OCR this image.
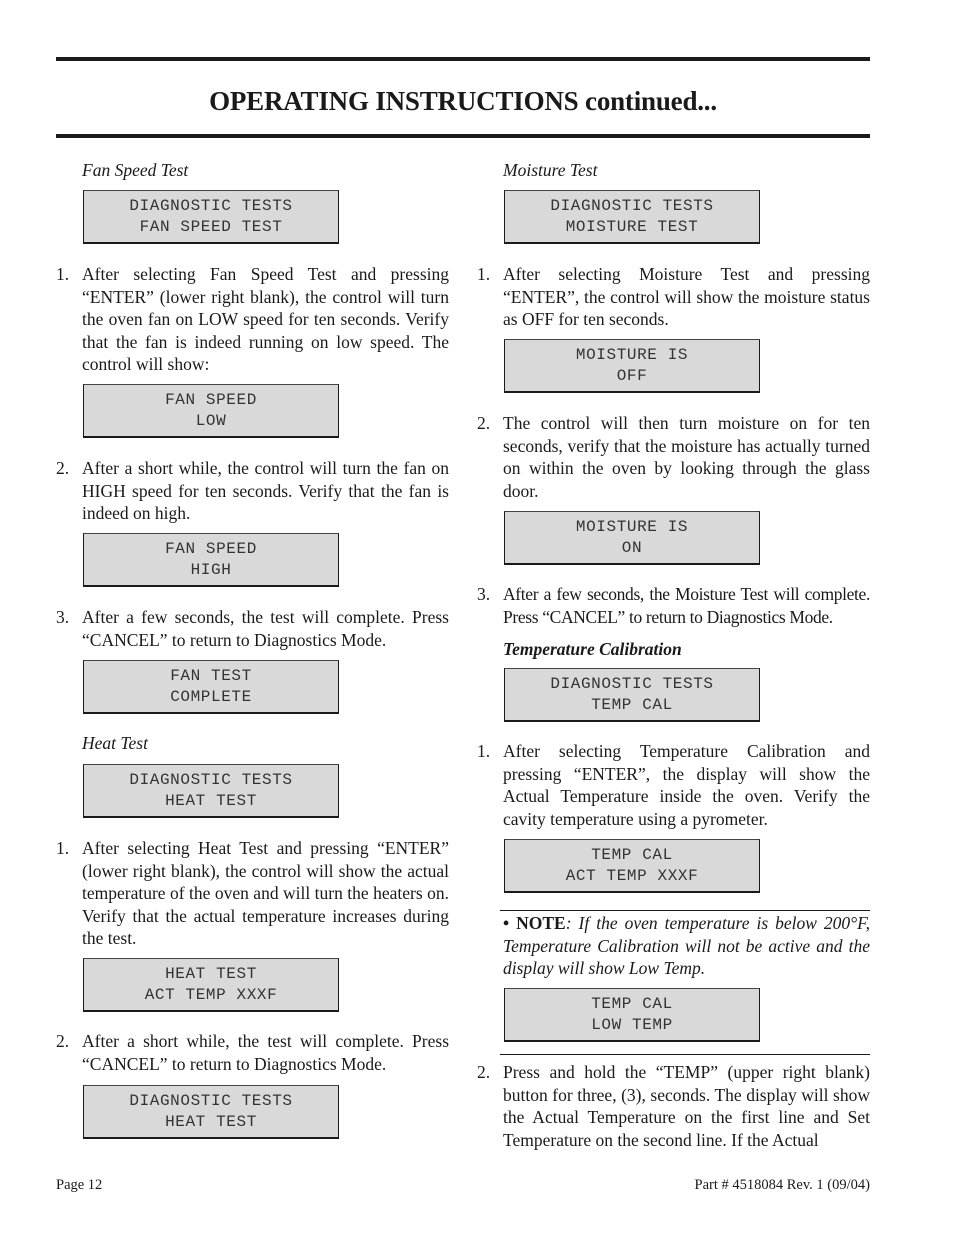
OPERATING INSTRUCTIONS continued...
Fan Speed Test
DIAGNOSTIC TESTS
FAN SPEED TEST
1. After selecting Fan Speed Test and pressing “ENTER” (lower right blank), the control will turn the oven fan on LOW speed for ten seconds. Verify that the fan is indeed running on low speed. The control will show:
FAN SPEED
LOW
2. After a short while, the control will turn the fan on HIGH speed for ten seconds. Verify that the fan is indeed on high.
FAN SPEED
HIGH
3. After a few seconds, the test will complete. Press “CANCEL” to return to Diagnostics Mode.
FAN TEST
COMPLETE
Heat Test
DIAGNOSTIC TESTS
HEAT TEST
1. After selecting Heat Test and pressing “ENTER” (lower right blank), the control will show the actual temperature of the oven and will turn the heaters on. Verify that the actual temperature increases during the test.
HEAT TEST
ACT TEMP XXXF
2. After a short while, the test will complete. Press “CANCEL” to return to Diagnostics Mode.
DIAGNOSTIC TESTS
HEAT TEST
Moisture Test
DIAGNOSTIC TESTS
MOISTURE TEST
1. After selecting Moisture Test and pressing “ENTER”, the control will show the moisture status as OFF for ten seconds.
MOISTURE IS
OFF
2. The control will then turn moisture on for ten seconds, verify that the moisture has actually turned on within the oven by looking through the glass door.
MOISTURE IS
ON
3. After a few seconds, the Moisture Test will complete. Press “CANCEL” to return to Diagnostics Mode.
Temperature Calibration
DIAGNOSTIC TESTS
TEMP CAL
1. After selecting Temperature Calibration and pressing “ENTER”, the display will show the Actual Temperature inside the oven. Verify the cavity temperature using a pyrometer.
TEMP CAL
ACT TEMP XXXF
• NOTE: If the oven temperature is below 200°F, Temperature Calibration will not be active and the display will show Low Temp.
TEMP CAL
LOW TEMP
2. Press and hold the “TEMP” (upper right blank) button for three, (3), seconds. The display will show the Actual Temperature on the first line and Set Temperature on the second line. If the Actual
Page 12	Part # 4518084 Rev. 1 (09/04)
